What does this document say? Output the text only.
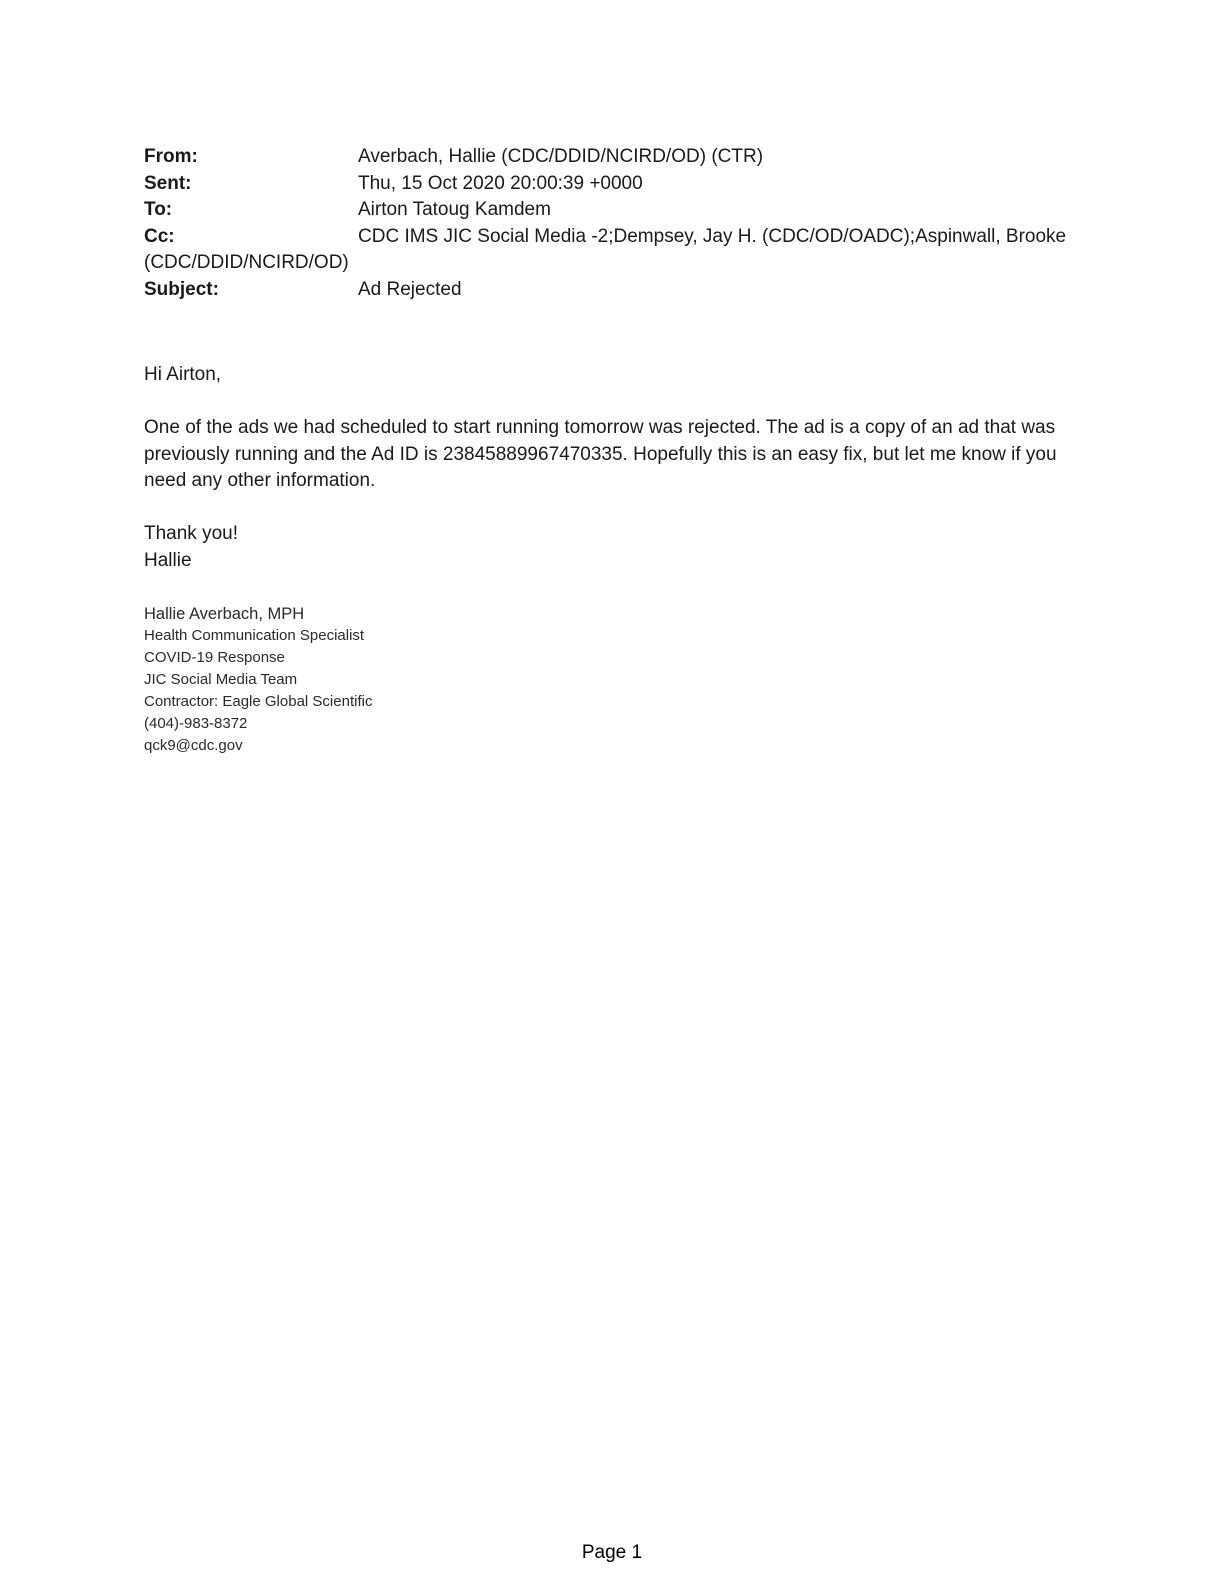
From:	Averbach, Hallie (CDC/DDID/NCIRD/OD) (CTR)
Sent:	Thu, 15 Oct 2020 20:00:39 +0000
To:	Airton Tatoug Kamdem
Cc:	CDC IMS JIC Social Media -2;Dempsey, Jay H. (CDC/OD/OADC);Aspinwall, Brooke (CDC/DDID/NCIRD/OD)
Subject:	Ad Rejected

Hi Airton,

One of the ads we had scheduled to start running tomorrow was rejected. The ad is a copy of an ad that was previously running and the Ad ID is 23845889967470335. Hopefully this is an easy fix, but let me know if you need any other information.

Thank you!

Hallie

Hallie Averbach, MPH
Health Communication Specialist
COVID-19 Response
JIC Social Media Team
Contractor: Eagle Global Scientific
(404)-983-8372
qck9@cdc.gov
Page 1
